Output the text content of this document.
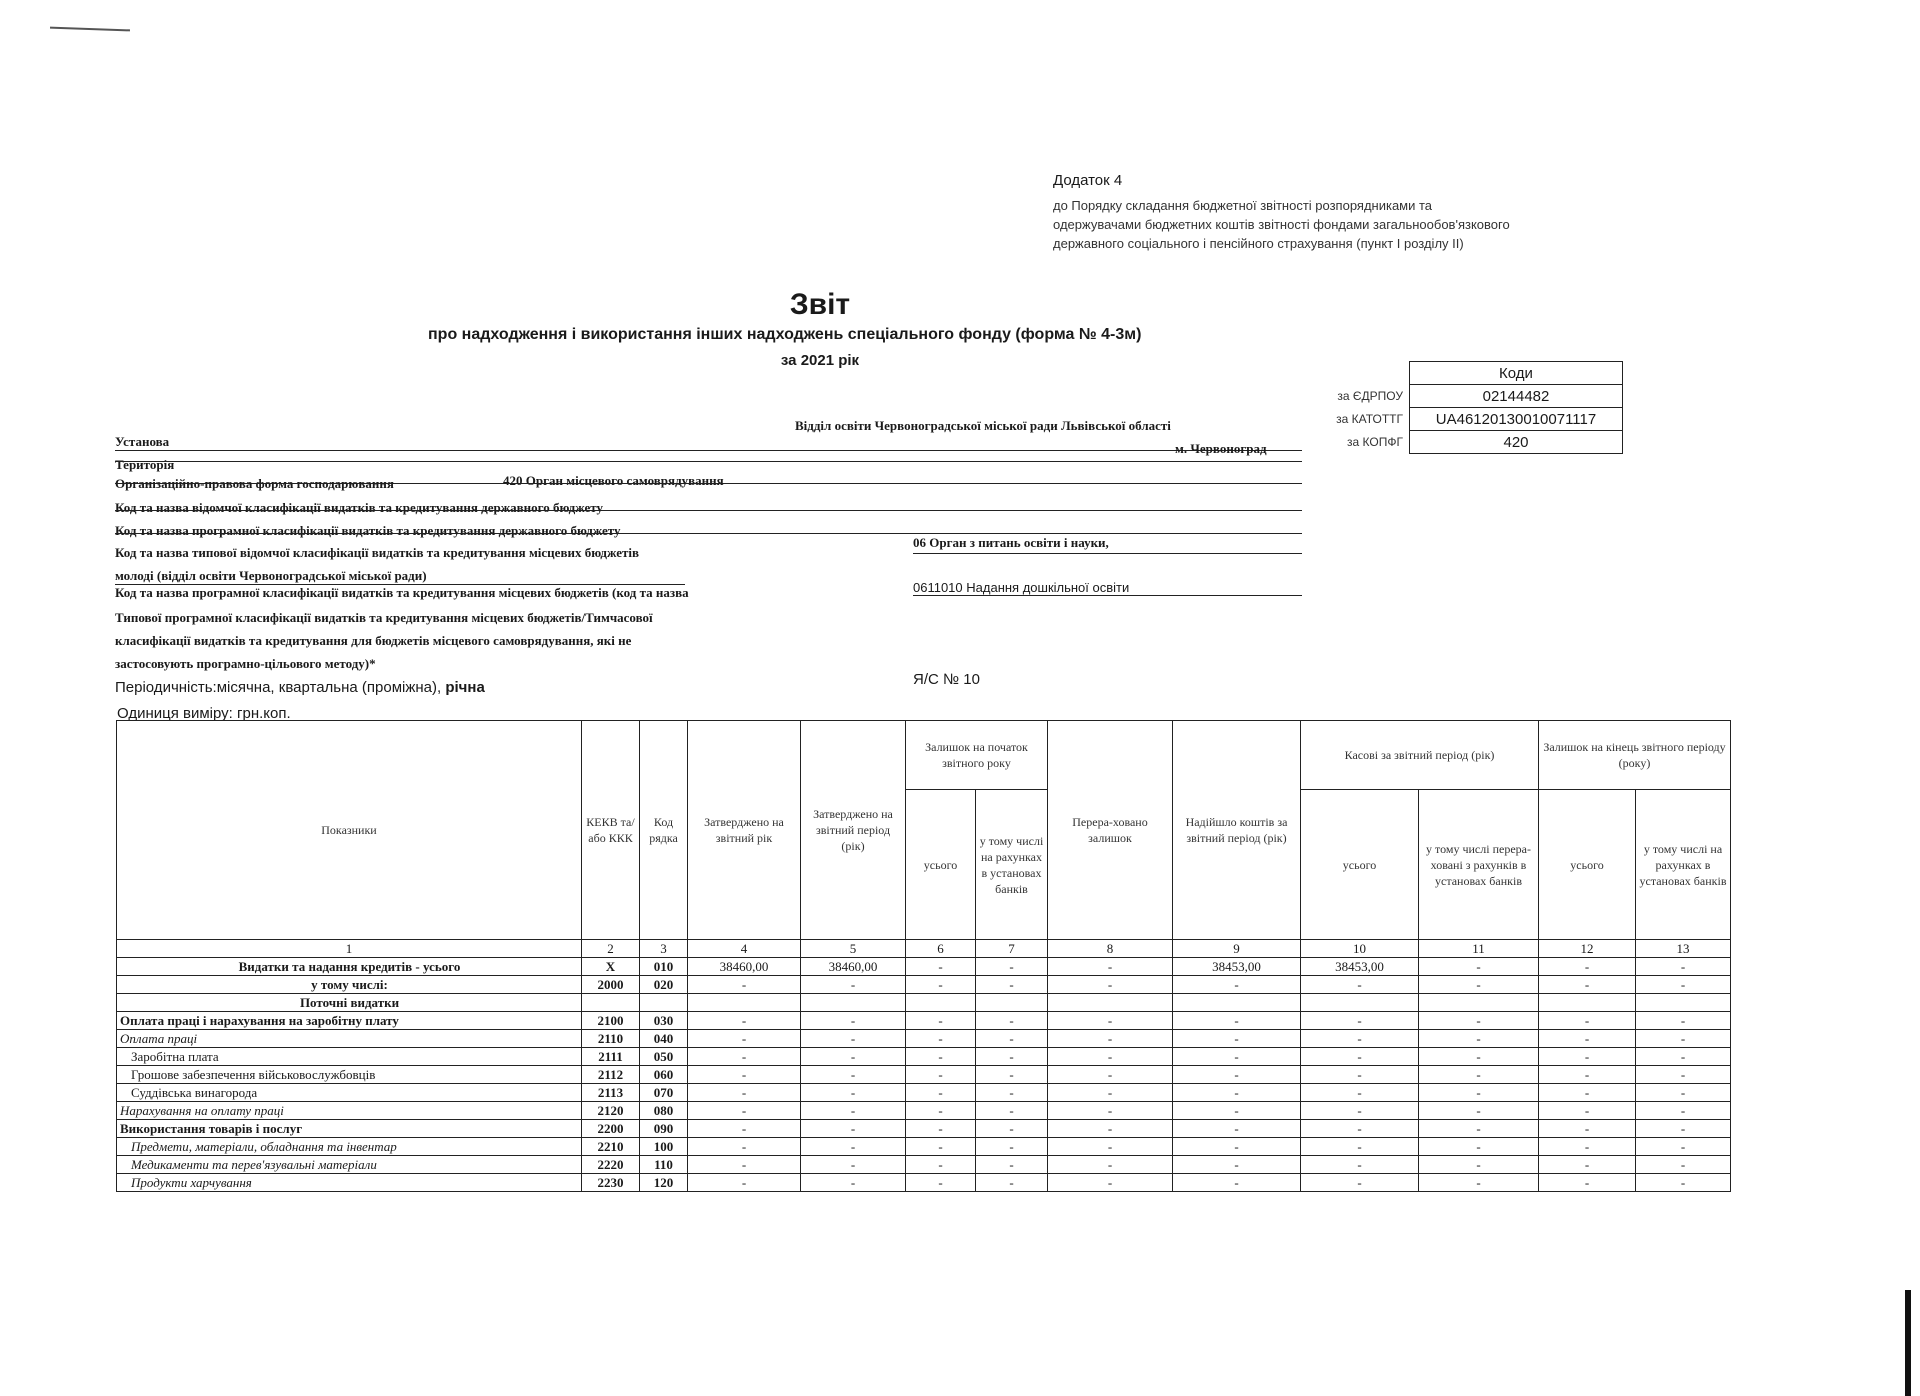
Додаток 4
до Порядку складання бюджетної звітності розпорядниками та одержувачами бюджетних коштів звітності фондами загальнообов'язкового державного соціального і пенсійного страхування (пункт І розділу ІІ)
Звіт
про надходження і використання інших надходжень спеціального фонду (форма № 4-3м)
за 2021 рік
	Коди
за ЄДРПОУ	02144482
за КАТОТТГ	UA46120130010071117
за КОПФГ	420
Відділ освіти Червоноградської міської ради Львівської області
Установа	м. Червоноград
Територія
Організаційно-правова форма господарювання	420 Орган місцевого самоврядування
Код та назва відомчої класифікації видатків та кредитування державного бюджету
Код та назва програмної класифікації видатків та кредитування державного бюджету
Код та назва типової відомчої класифікації видатків та кредитування місцевих бюджетів
06 Орган з питань освіти і науки,
молоді (відділ освіти Червоноградської міської ради)
Код та назва програмної класифікації видатків та кредитування місцевих бюджетів (код та назва	0611010 Надання дошкільної освіти
Типової програмної класифікації видатків та кредитування місцевих бюджетів/Тимчасової
класифікації видатків та кредитування для бюджетів місцевого самоврядування, які не
застосовують програмно-цільового методу)*
Періодичність:місячна, квартальна (проміжна), річна	Я/С № 10
Одиниця виміру: грн.коп.
Показники	КЕКВ та/або ККК	Код рядка	Затверджено на звітний рік	Затверджено на звітний період (рік)	Залишок на початок звітного року		Перера-ховано залишок	Надійшло коштів за звітний період (рік)	Касові за звітний період (рік)		Залишок на кінець звітного періоду (року)	
					усього	у тому числі на рахунках в установах банків			усього	у тому числі перера-ховані з рахунків в установах банків	усього	у тому числі на рахунках в установах банків
1	2	3	4	5	6	7	8	9	10	11	12	13
Видатки та надання кредитів - усього	Х	010	38460,00	38460,00	-	-	-	38453,00	38453,00	-	-	-
у тому числі:	2000	020	-	-	-	-	-	-	-	-	-	-
Поточні видатки												
Оплата праці і нарахування на заробітну плату	2100	030	-	-	-	-	-	-	-	-	-	-
Оплата праці	2110	040	-	-	-	-	-	-	-	-	-	-
Заробітна плата	2111	050	-	-	-	-	-	-	-	-	-	-
Грошове забезпечення військовослужбовців	2112	060	-	-	-	-	-	-	-	-	-	-
Суддівська винагорода	2113	070	-	-	-	-	-	-	-	-	-	-
Нарахування на оплату праці	2120	080	-	-	-	-	-	-	-	-	-	-
Використання товарів і послуг	2200	090	-	-	-	-	-	-	-	-	-	-
Предмети, матеріали, обладнання та інвентар	2210	100	-	-	-	-	-	-	-	-	-	-
Медикаменти та перев'язувальні матеріали	2220	110	-	-	-	-	-	-	-	-	-	-
Продукти харчування	2230	120	-	-	-	-	-	-	-	-	-	-
